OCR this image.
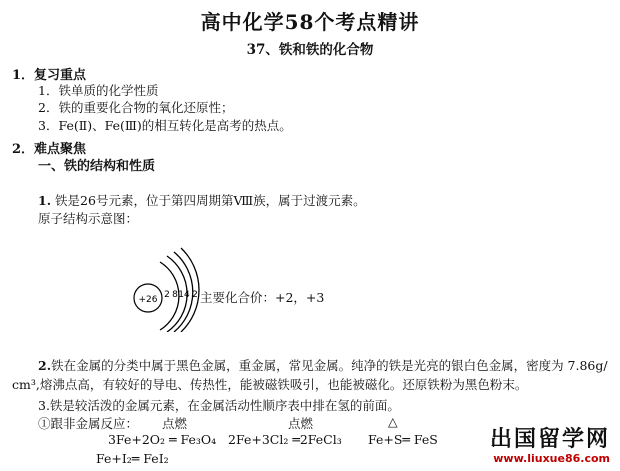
高中化学58个考点精讲
37、铁和铁的化合物
1．复习重点
1．铁单质的化学性质
2．铁的重要化合物的氧化还原性；
3．Fe(Ⅱ)、Fe(Ⅲ)的相互转化是高考的热点。
2．难点聚焦
一、铁的结构和性质
1. 铁是26号元素，位于第四周期第Ⅷ族，属于过渡元素。
原子结构示意图：
+26 2 8 14 2 主要化合价：+2，+3
2.铁在金属的分类中属于黑色金属，重金属，常见金属。纯净的铁是光亮的银白色金属，密度为 7.86g/
cm³,熔沸点高，有较好的导电、传热性，能被磁铁吸引，也能被磁化。还原铁粉为黑色粉末。
3.铁是较活泼的金属元素，在金属活动性顺序表中排在氢的前面。
①跟非金属反应： 点燃	点燃	△
3Fe+2O₂ ═ Fe₃O₄ 2Fe+3Cl₂ ═2FeCl₃ Fe+S═ FeS
Fe+I₂═ FeI₂
出国留学网
www.liuxue86.com
